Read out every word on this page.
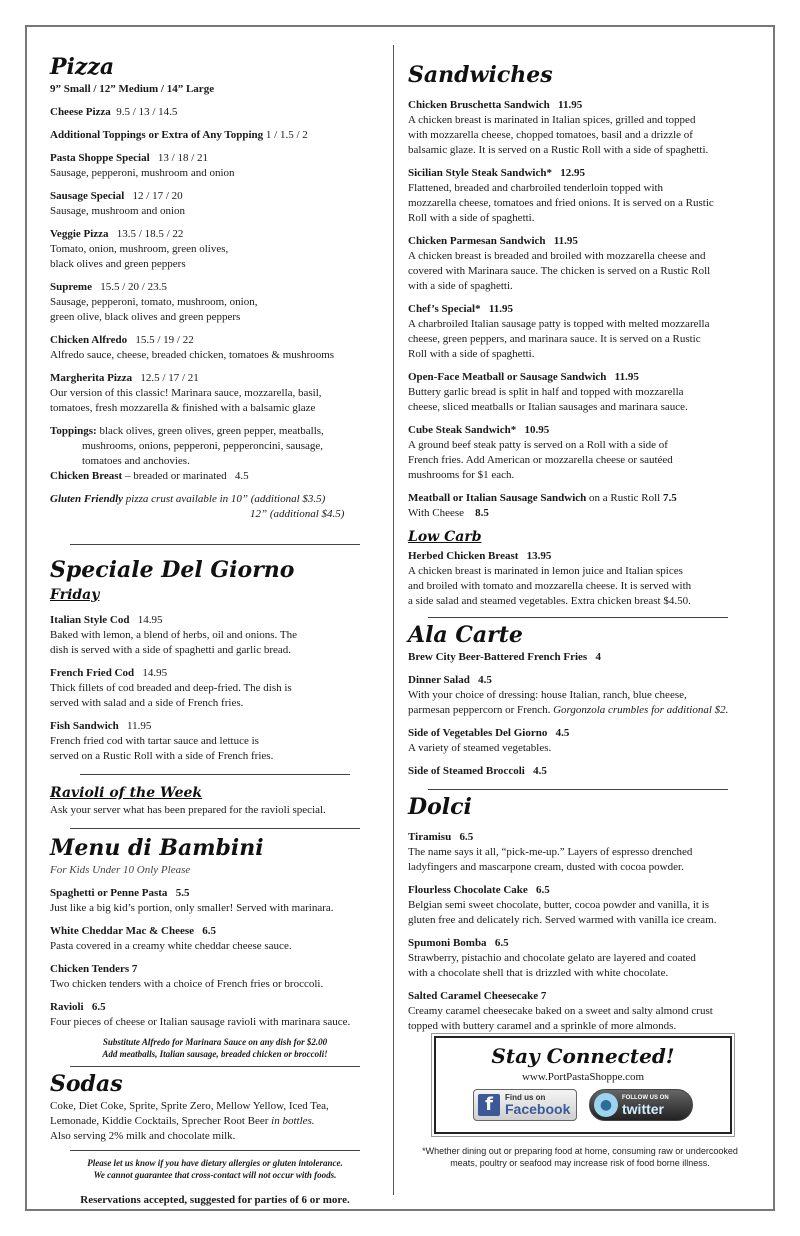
Pizza

9” Small / 12” Medium / 14” Large

Cheese Pizza 9.5 / 13 / 14.5

Additional Toppings or Extra of Any Topping 1 / 1.5 / 2

Pasta Shoppe Special 13 / 18 / 21

Sausage, pepperoni, mushroom and onion

Sausage Special 12 / 17 / 20

Sausage, mushroom and onion

Veggie Pizza 13.5 / 18.5 / 22

Tomato, onion, mushroom, green olives,

black olives and green peppers

Supreme 15.5 / 20 / 23.5

Sausage, pepperoni, tomato, mushroom, onion,

green olive, black olives and green peppers

Chicken Alfredo 15.5 / 19 / 22

Alfredo sauce, cheese, breaded chicken, tomatoes & mushrooms

Margherita Pizza 12.5 / 17 / 21

Our version of this classic! Marinara sauce, mozzarella, basil,

tomatoes, fresh mozzarella & finished with a balsamic glaze

Toppings: black olives, green olives, green pepper, meatballs,

mushrooms, onions, pepperoni, pepperoncini, sausage,

tomatoes and anchovies.

Chicken Breast – breaded or marinated 4.5

Gluten Friendly pizza crust available in 10” (additional $3.5)

12” (additional $4.5)

Speciale Del Giorno
Friday

Italian Style Cod 14.95

Baked with lemon, a blend of herbs, oil and onions. The

dish is served with a side of spaghetti and garlic bread.

French Fried Cod 14.95

Thick fillets of cod breaded and deep-fried. The dish is

served with salad and a side of French fries.

Fish Sandwich 11.95

French fried cod with tartar sauce and lettuce is

served on a Rustic Roll with a side of French fries.

Ravioli of the Week

Ask your server what has been prepared for the ravioli special.

Menu di Bambini

For Kids Under 10 Only Please

Spaghetti or Penne Pasta 5.5

Just like a big kid’s portion, only smaller! Served with marinara.

White Cheddar Mac & Cheese 6.5

Pasta covered in a creamy white cheddar cheese sauce.

Chicken Tenders 7

Two chicken tenders with a choice of French fries or broccoli.

Ravioli 6.5

Four pieces of cheese or Italian sausage ravioli with marinara sauce.

Substitute Alfredo for Marinara Sauce on any dish for $2.00

Add meatballs, Italian sausage, breaded chicken or broccoli!

Sodas

Coke, Diet Coke, Sprite, Sprite Zero, Mellow Yellow, Iced Tea,

Lemonade, Kiddie Cocktails, Sprecher Root Beer in bottles.

Also serving 2% milk and chocolate milk.

Please let us know if you have dietary allergies or gluten intolerance.

We cannot guarantee that cross-contact will not occur with foods.

Reservations accepted, suggested for parties of 6 or more.

Sandwiches

Chicken Bruschetta Sandwich 11.95

A chicken breast is marinated in Italian spices, grilled and topped

with mozzarella cheese, chopped tomatoes, basil and a drizzle of

balsamic glaze. It is served on a Rustic Roll with a side of spaghetti.

Sicilian Style Steak Sandwich* 12.95

Flattened, breaded and charbroiled tenderloin topped with

mozzarella cheese, tomatoes and fried onions. It is served on a Rustic

Roll with a side of spaghetti.

Chicken Parmesan Sandwich 11.95

A chicken breast is breaded and broiled with mozzarella cheese and

covered with Marinara sauce. The chicken is served on a Rustic Roll

with a side of spaghetti.

Chef’s Special* 11.95

A charbroiled Italian sausage patty is topped with melted mozzarella

cheese, green peppers, and marinara sauce. It is served on a Rustic

Roll with a side of spaghetti.

Open-Face Meatball or Sausage Sandwich 11.95

Buttery garlic bread is split in half and topped with mozzarella

cheese, sliced meatballs or Italian sausages and marinara sauce.

Cube Steak Sandwich* 10.95

A ground beef steak patty is served on a Roll with a side of

French fries. Add American or mozzarella cheese or sautéed

mushrooms for $1 each.

Meatball or Italian Sausage Sandwich on a Rustic Roll 7.5

With Cheese 8.5

Low Carb

Herbed Chicken Breast 13.95

A chicken breast is marinated in lemon juice and Italian spices

and broiled with tomato and mozzarella cheese. It is served with

a side salad and steamed vegetables. Extra chicken breast $4.50.

Ala Carte

Brew City Beer-Battered French Fries 4

Dinner Salad 4.5

With your choice of dressing: house Italian, ranch, blue cheese,

parmesan peppercorn or French. Gorgonzola crumbles for additional $2.

Side of Vegetables Del Giorno 4.5

A variety of steamed vegetables.

Side of Steamed Broccoli 4.5

Dolci

Tiramisu 6.5

The name says it all, “pick-me-up.” Layers of espresso drenched

ladyfingers and mascarpone cream, dusted with cocoa powder.

Flourless Chocolate Cake 6.5

Belgian semi sweet chocolate, butter, cocoa powder and vanilla, it is

gluten free and delicately rich. Served warmed with vanilla ice cream.

Spumoni Bomba 6.5

Strawberry, pistachio and chocolate gelato are layered and coated

with a chocolate shell that is drizzled with white chocolate.

Salted Caramel Cheesecake 7

Creamy caramel cheesecake baked on a sweet and salty almond crust

topped with buttery caramel and a sprinkle of more almonds.

Stay Connected!

www.PortPastaShoppe.com

f	Find us on
Facebook	●	FOLLOW US ON
twitter

*Whether dining out or preparing food at home, consuming raw or undercooked meats, poultry or seafood may increase risk of food borne illness.
